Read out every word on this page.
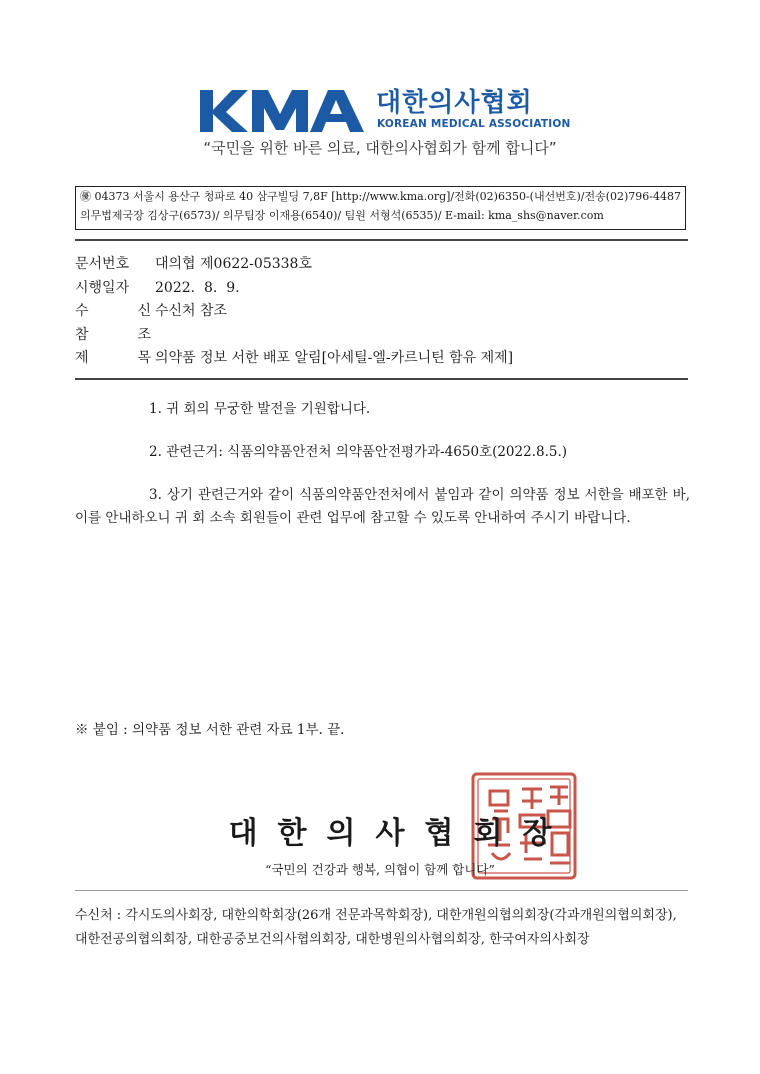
대한의사협회
KOREAN MEDICAL ASSOCIATION
“국민을 위한 바른 의료, 대한의사협회가 함께 합니다”
㊝ 04373 서울시 용산구 청파로 40 삼구빌딩 7,8F [http://www.kma.org]/전화(02)6350-(내선번호)/전송(02)796-4487
의무법제국장 김상구(6573)/ 의무팀장 이재용(6540)/ 팀원 서형석(6535)/ E-mail: kma_shs@naver.com
문서번호 대의협 제0622-05338호
시행일자 2022.  8.  9.
수	신 수신처 참조
참	조
제	목 의약품 정보 서한 배포 알림[아세틸-엘-카르니틴 함유 제제]
1. 귀 회의 무궁한 발전을 기원합니다.
2. 관련근거: 식품의약품안전처 의약품안전평가과-4650호(2022.8.5.)
3. 상기 관련근거와 같이 식품의약품안전처에서 붙임과 같이 의약품 정보 서한을 배포한 바, 이를 안내하오니 귀 회 소속 회원들이 관련 업무에 참고할 수 있도록 안내하여 주시기 바랍니다.
※ 붙임 : 의약품 정보 서한 관련 자료 1부. 끝.
대한의사협회장
“국민의 건강과 행복, 의협이 함께 합니다”
수신처 : 각시도의사회장, 대한의학회장(26개 전문과목학회장), 대한개원의협의회장(각과개원의협의회장), 대한전공의협의회장, 대한공중보건의사협의회장, 대한병원의사협의회장, 한국여자의사회장
